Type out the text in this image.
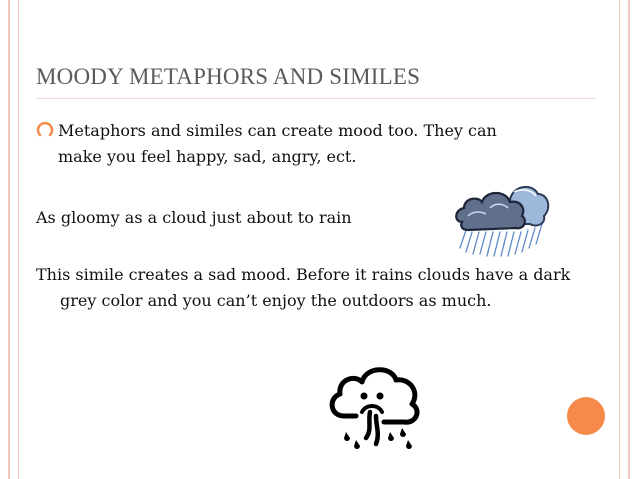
MOODY METAPHORS AND SIMILES
Metaphors and similes can create mood too. They can make you feel happy, sad, angry, ect.
As gloomy as a cloud just about to rain
This simile creates a sad mood. Before it rains clouds have a dark grey color and you can’t enjoy the outdoors as much.
